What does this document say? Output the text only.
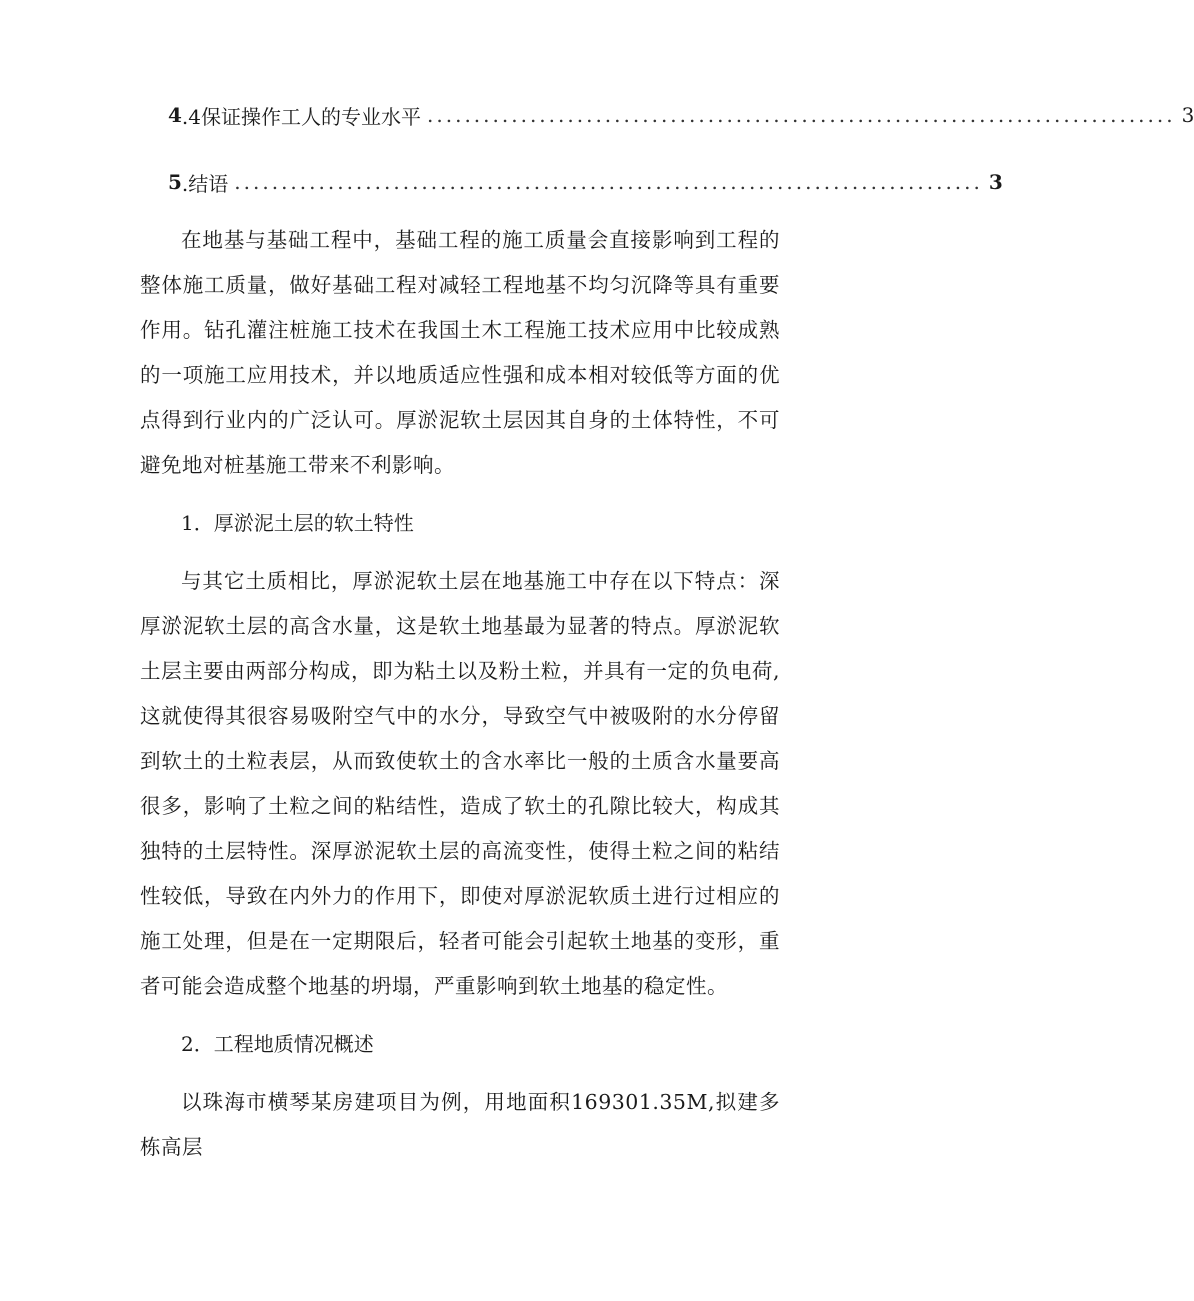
4 .4保证操作工人的专业水平 ................................................................................ 3
5 .结语 ................................................................................ 3

在地基与基础工程中，基础工程的施工质量会直接影响到工程的整体施工质量，做好基础工程对减轻工程地基不均匀沉降等具有重要作用。钻孔灌注桩施工技术在我国土木工程施工技术应用中比较成熟的一项施工应用技术，并以地质适应性强和成本相对较低等方面的优点得到行业内的广泛认可。厚淤泥软土层因其自身的土体特性，不可避免地对桩基施工带来不利影响。

1．厚淤泥土层的软土特性

与其它土质相比，厚淤泥软土层在地基施工中存在以下特点：深厚淤泥软土层的高含水量，这是软土地基最为显著的特点。厚淤泥软土层主要由两部分构成，即为粘土以及粉土粒，并具有一定的负电荷,这就使得其很容易吸附空气中的水分，导致空气中被吸附的水分停留到软土的土粒表层，从而致使软土的含水率比一般的土质含水量要高很多，影响了土粒之间的粘结性，造成了软土的孔隙比较大，构成其独特的土层特性。深厚淤泥软土层的高流变性，使得土粒之间的粘结性较低，导致在内外力的作用下，即使对厚淤泥软质土进行过相应的施工处理，但是在一定期限后，轻者可能会引起软土地基的变形，重者可能会造成整个地基的坍塌，严重影响到软土地基的稳定性。

2．工程地质情况概述

以珠海市横琴某房建项目为例，用地面积169301.35M,拟建多栋高层
